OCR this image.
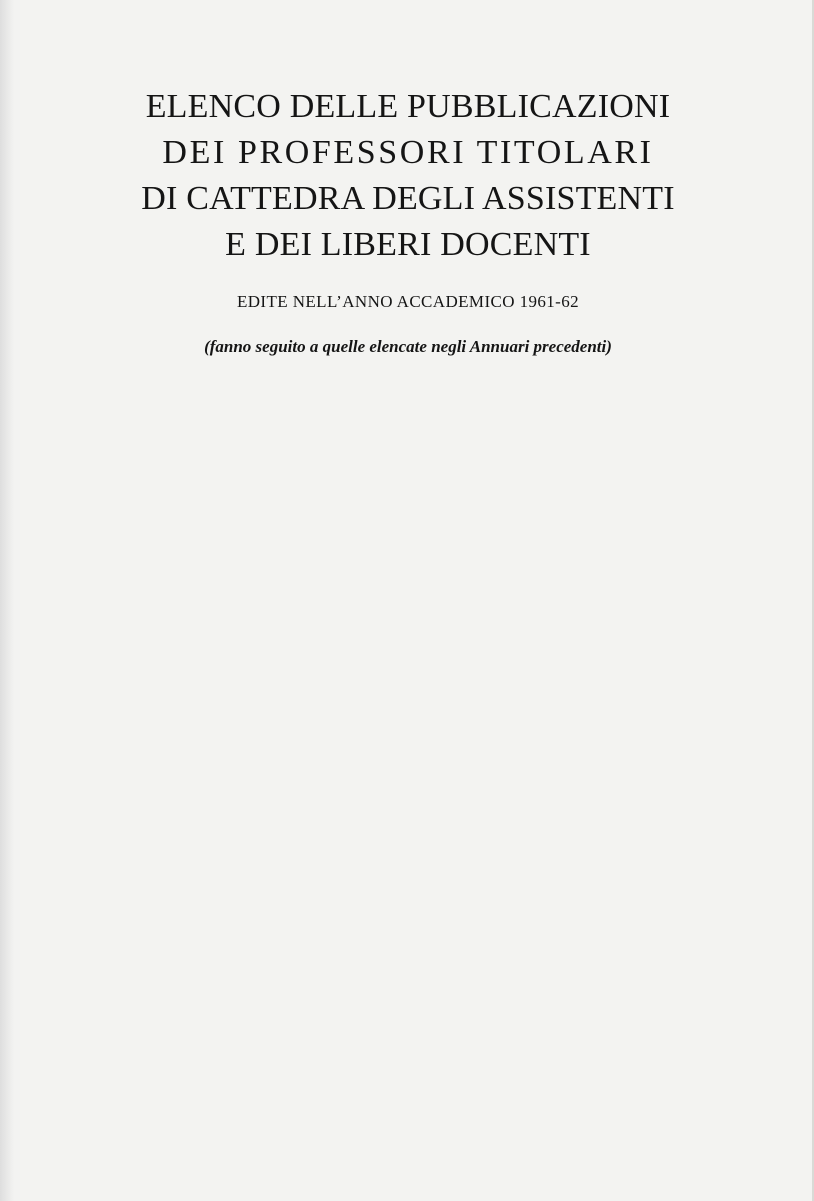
ELENCO DELLE PUBBLICAZIONI
DEI PROFESSORI TITOLARI
DI CATTEDRA DEGLI ASSISTENTI
E DEI LIBERI DOCENTI
EDITE NELL’ANNO ACCADEMICO 1961-62
(fanno seguito a quelle elencate negli Annuari precedenti)
